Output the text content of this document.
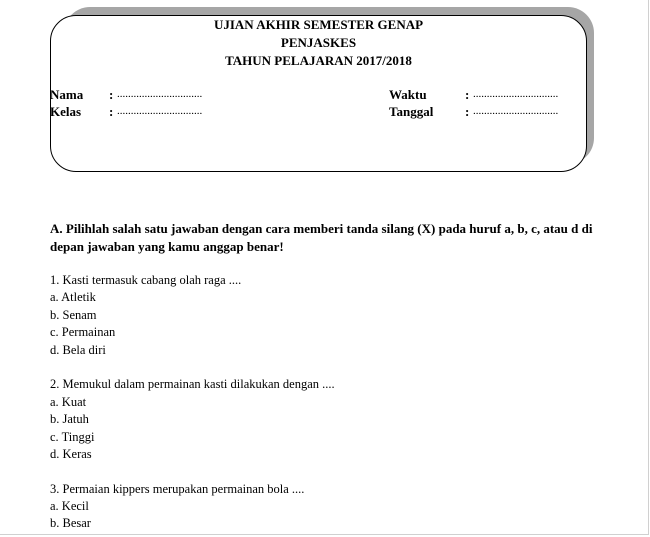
UJIAN AKHIR SEMESTER GENAP
PENJASKES
TAHUN PELAJARAN 2017/2018
Nama : ...............................
Kelas : ...............................
Waktu	: ...............................
Tanggal : ...............................
A. Pilihlah salah satu jawaban dengan cara memberi tanda silang (X) pada huruf a, b, c, atau d di depan jawaban yang kamu anggap benar!
1. Kasti termasuk cabang olah raga ....
a. Atletik
b. Senam
c. Permainan
d. Bela diri
2. Memukul dalam permainan kasti dilakukan dengan ....
a. Kuat
b. Jatuh
c. Tinggi
d. Keras
3. Permaian kippers merupakan permainan bola ....
a. Kecil
b. Besar
